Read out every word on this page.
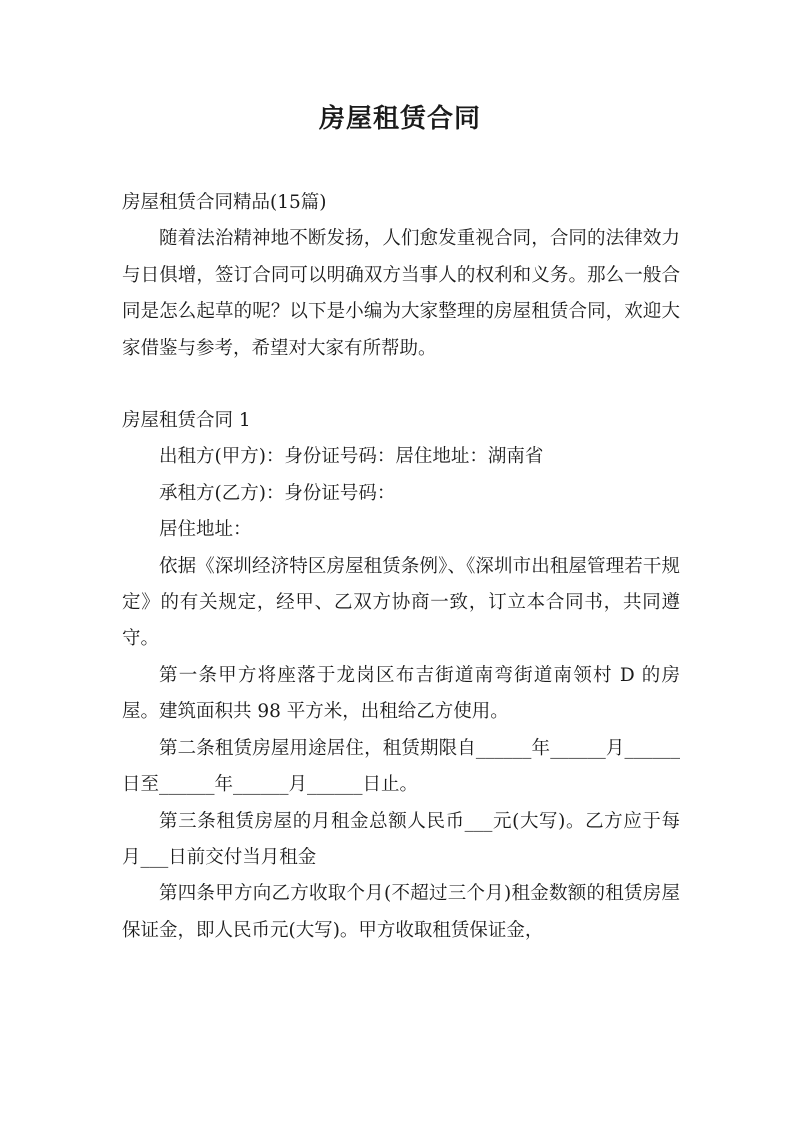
房屋租赁合同

房屋租赁合同精品(15篇)

随着法治精神地不断发扬，人们愈发重视合同，合同的法律效力与日俱增，签订合同可以明确双方当事人的权利和义务。那么一般合同是怎么起草的呢？以下是小编为大家整理的房屋租赁合同，欢迎大家借鉴与参考，希望对大家有所帮助。

房屋租赁合同 1

出租方(甲方)：身份证号码：居住地址：湖南省

承租方(乙方)：身份证号码：

居住地址：

依据《深圳经济特区房屋租赁条例》、《深圳市出租屋管理若干规定》的有关规定，经甲、乙双方协商一致，订立本合同书，共同遵守。

第一条甲方将座落于龙岗区布吉街道南弯街道南领村 D 的房屋。建筑面积共 98 平方米，出租给乙方使用。

第二条租赁房屋用途居住，租赁期限自______年______月______日至______年______月______日止。

第三条租赁房屋的月租金总额人民币___元(大写)。乙方应于每月___日前交付当月租金

第四条甲方向乙方收取个月(不超过三个月)租金数额的租赁房屋保证金，即人民币元(大写)。甲方收取租赁保证金，
